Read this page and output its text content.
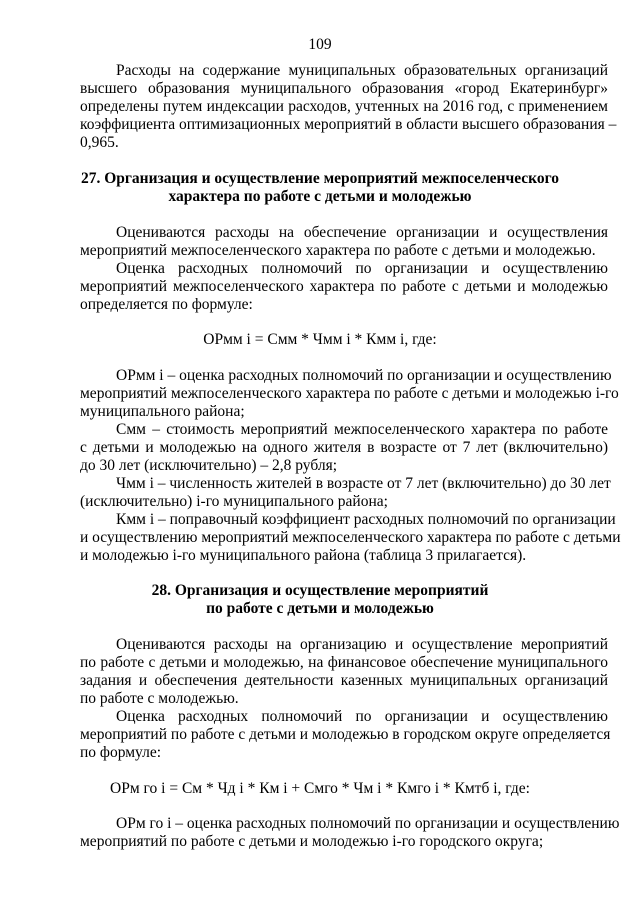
109
Расходы на содержание муниципальных образовательных организаций
высшего образования муниципального образования «город Екатеринбург»
определены путем индексации расходов, учтенных на 2016 год, с применением
коэффициента оптимизационных мероприятий в области высшего образования –
0,965.
27. Организация и осуществление мероприятий межпоселенческого
характера по работе с детьми и молодежью
Оцениваются расходы на обеспечение организации и осуществления
мероприятий межпоселенческого характера по работе с детьми и молодежью.
Оценка расходных полномочий по организации и осуществлению
мероприятий межпоселенческого характера по работе с детьми и молодежью
определяется по формуле:
ОРмм i = Смм * Чмм i * Кмм i, где:
ОРмм i – оценка расходных полномочий по организации и осуществлению
мероприятий межпоселенческого характера по работе с детьми и молодежью i-го
муниципального района;
Смм – стоимость мероприятий межпоселенческого характера по работе
с детьми и молодежью на одного жителя в возрасте от 7 лет (включительно)
до 30 лет (исключительно) – 2,8 рубля;
Чмм i – численность жителей в возрасте от 7 лет (включительно) до 30 лет
(исключительно) i-го муниципального района;
Кмм i – поправочный коэффициент расходных полномочий по организации
и осуществлению мероприятий межпоселенческого характера по работе с детьми
и молодежью i-го муниципального района (таблица 3 прилагается).
28. Организация и осуществление мероприятий
по работе с детьми и молодежью
Оцениваются расходы на организацию и осуществление мероприятий
по работе с детьми и молодежью, на финансовое обеспечение муниципального
задания и обеспечения деятельности казенных муниципальных организаций
по работе с молодежью.
Оценка расходных полномочий по организации и осуществлению
мероприятий по работе с детьми и молодежью в городском округе определяется
по формуле:
ОРм го i = См * Чд i * Км i + Смго * Чм i * Кмго i * Кмтб i, где:
ОРм го i – оценка расходных полномочий по организации и осуществлению
мероприятий по работе с детьми и молодежью i-го городского округа;
